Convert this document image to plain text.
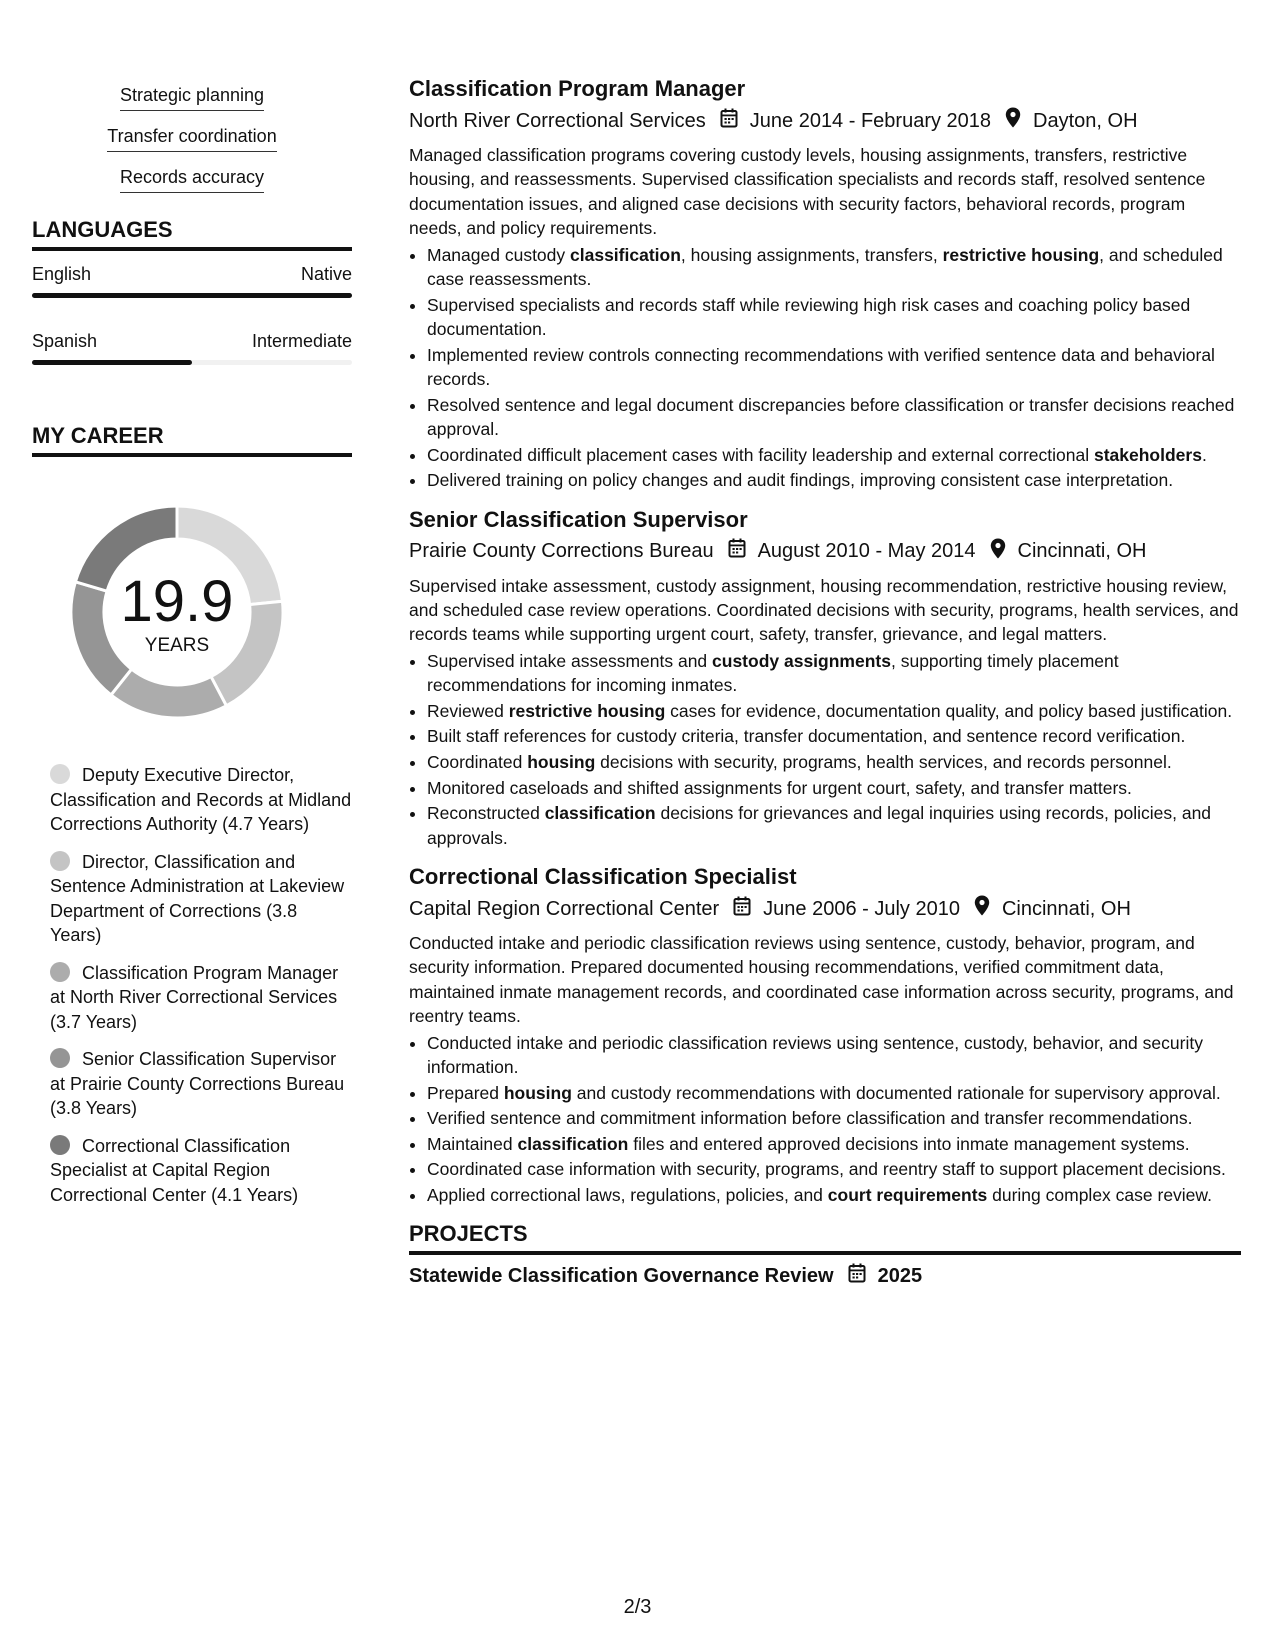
Strategic planning
Transfer coordination
Records accuracy
LANGUAGES
English	Native
Spanish	Intermediate
MY CAREER
19.9
YEARS
Deputy Executive Director, Classification and Records at Midland Corrections Authority (4.7 Years)
Director, Classification and Sentence Administration at Lakeview Department of Corrections (3.8 Years)
Classification Program Manager at North River Correctional Services (3.7 Years)
Senior Classification Supervisor at Prairie County Corrections Bureau (3.8 Years)
Correctional Classification Specialist at Capital Region Correctional Center (4.1 Years)
Classification Program Manager
North River Correctional Services June 2014 - February 2018 Dayton, OH
Managed classification programs covering custody levels, housing assignments, transfers, restrictive housing, and reassessments. Supervised classification specialists and records staff, resolved sentence documentation issues, and aligned case decisions with security factors, behavioral records, program needs, and policy requirements.
• Managed custody classification, housing assignments, transfers, restrictive housing, and scheduled case reassessments.
• Supervised specialists and records staff while reviewing high risk cases and coaching policy based documentation.
• Implemented review controls connecting recommendations with verified sentence data and behavioral records.
• Resolved sentence and legal document discrepancies before classification or transfer decisions reached approval.
• Coordinated difficult placement cases with facility leadership and external correctional stakeholders.
• Delivered training on policy changes and audit findings, improving consistent case interpretation.
Senior Classification Supervisor
Prairie County Corrections Bureau August 2010 - May 2014 Cincinnati, OH
Supervised intake assessment, custody assignment, housing recommendation, restrictive housing review, and scheduled case review operations. Coordinated decisions with security, programs, health services, and records teams while supporting urgent court, safety, transfer, grievance, and legal matters.
• Supervised intake assessments and custody assignments, supporting timely placement recommendations for incoming inmates.
• Reviewed restrictive housing cases for evidence, documentation quality, and policy based justification.
• Built staff references for custody criteria, transfer documentation, and sentence record verification.
• Coordinated housing decisions with security, programs, health services, and records personnel.
• Monitored caseloads and shifted assignments for urgent court, safety, and transfer matters.
• Reconstructed classification decisions for grievances and legal inquiries using records, policies, and approvals.
Correctional Classification Specialist
Capital Region Correctional Center June 2006 - July 2010 Cincinnati, OH
Conducted intake and periodic classification reviews using sentence, custody, behavior, program, and security information. Prepared documented housing recommendations, verified commitment data, maintained inmate management records, and coordinated case information across security, programs, and reentry teams.
• Conducted intake and periodic classification reviews using sentence, custody, behavior, and security information.
• Prepared housing and custody recommendations with documented rationale for supervisory approval.
• Verified sentence and commitment information before classification and transfer recommendations.
• Maintained classification files and entered approved decisions into inmate management systems.
• Coordinated case information with security, programs, and reentry staff to support placement decisions.
• Applied correctional laws, regulations, policies, and court requirements during complex case review.
PROJECTS
Statewide Classification Governance Review 2025
2/3
